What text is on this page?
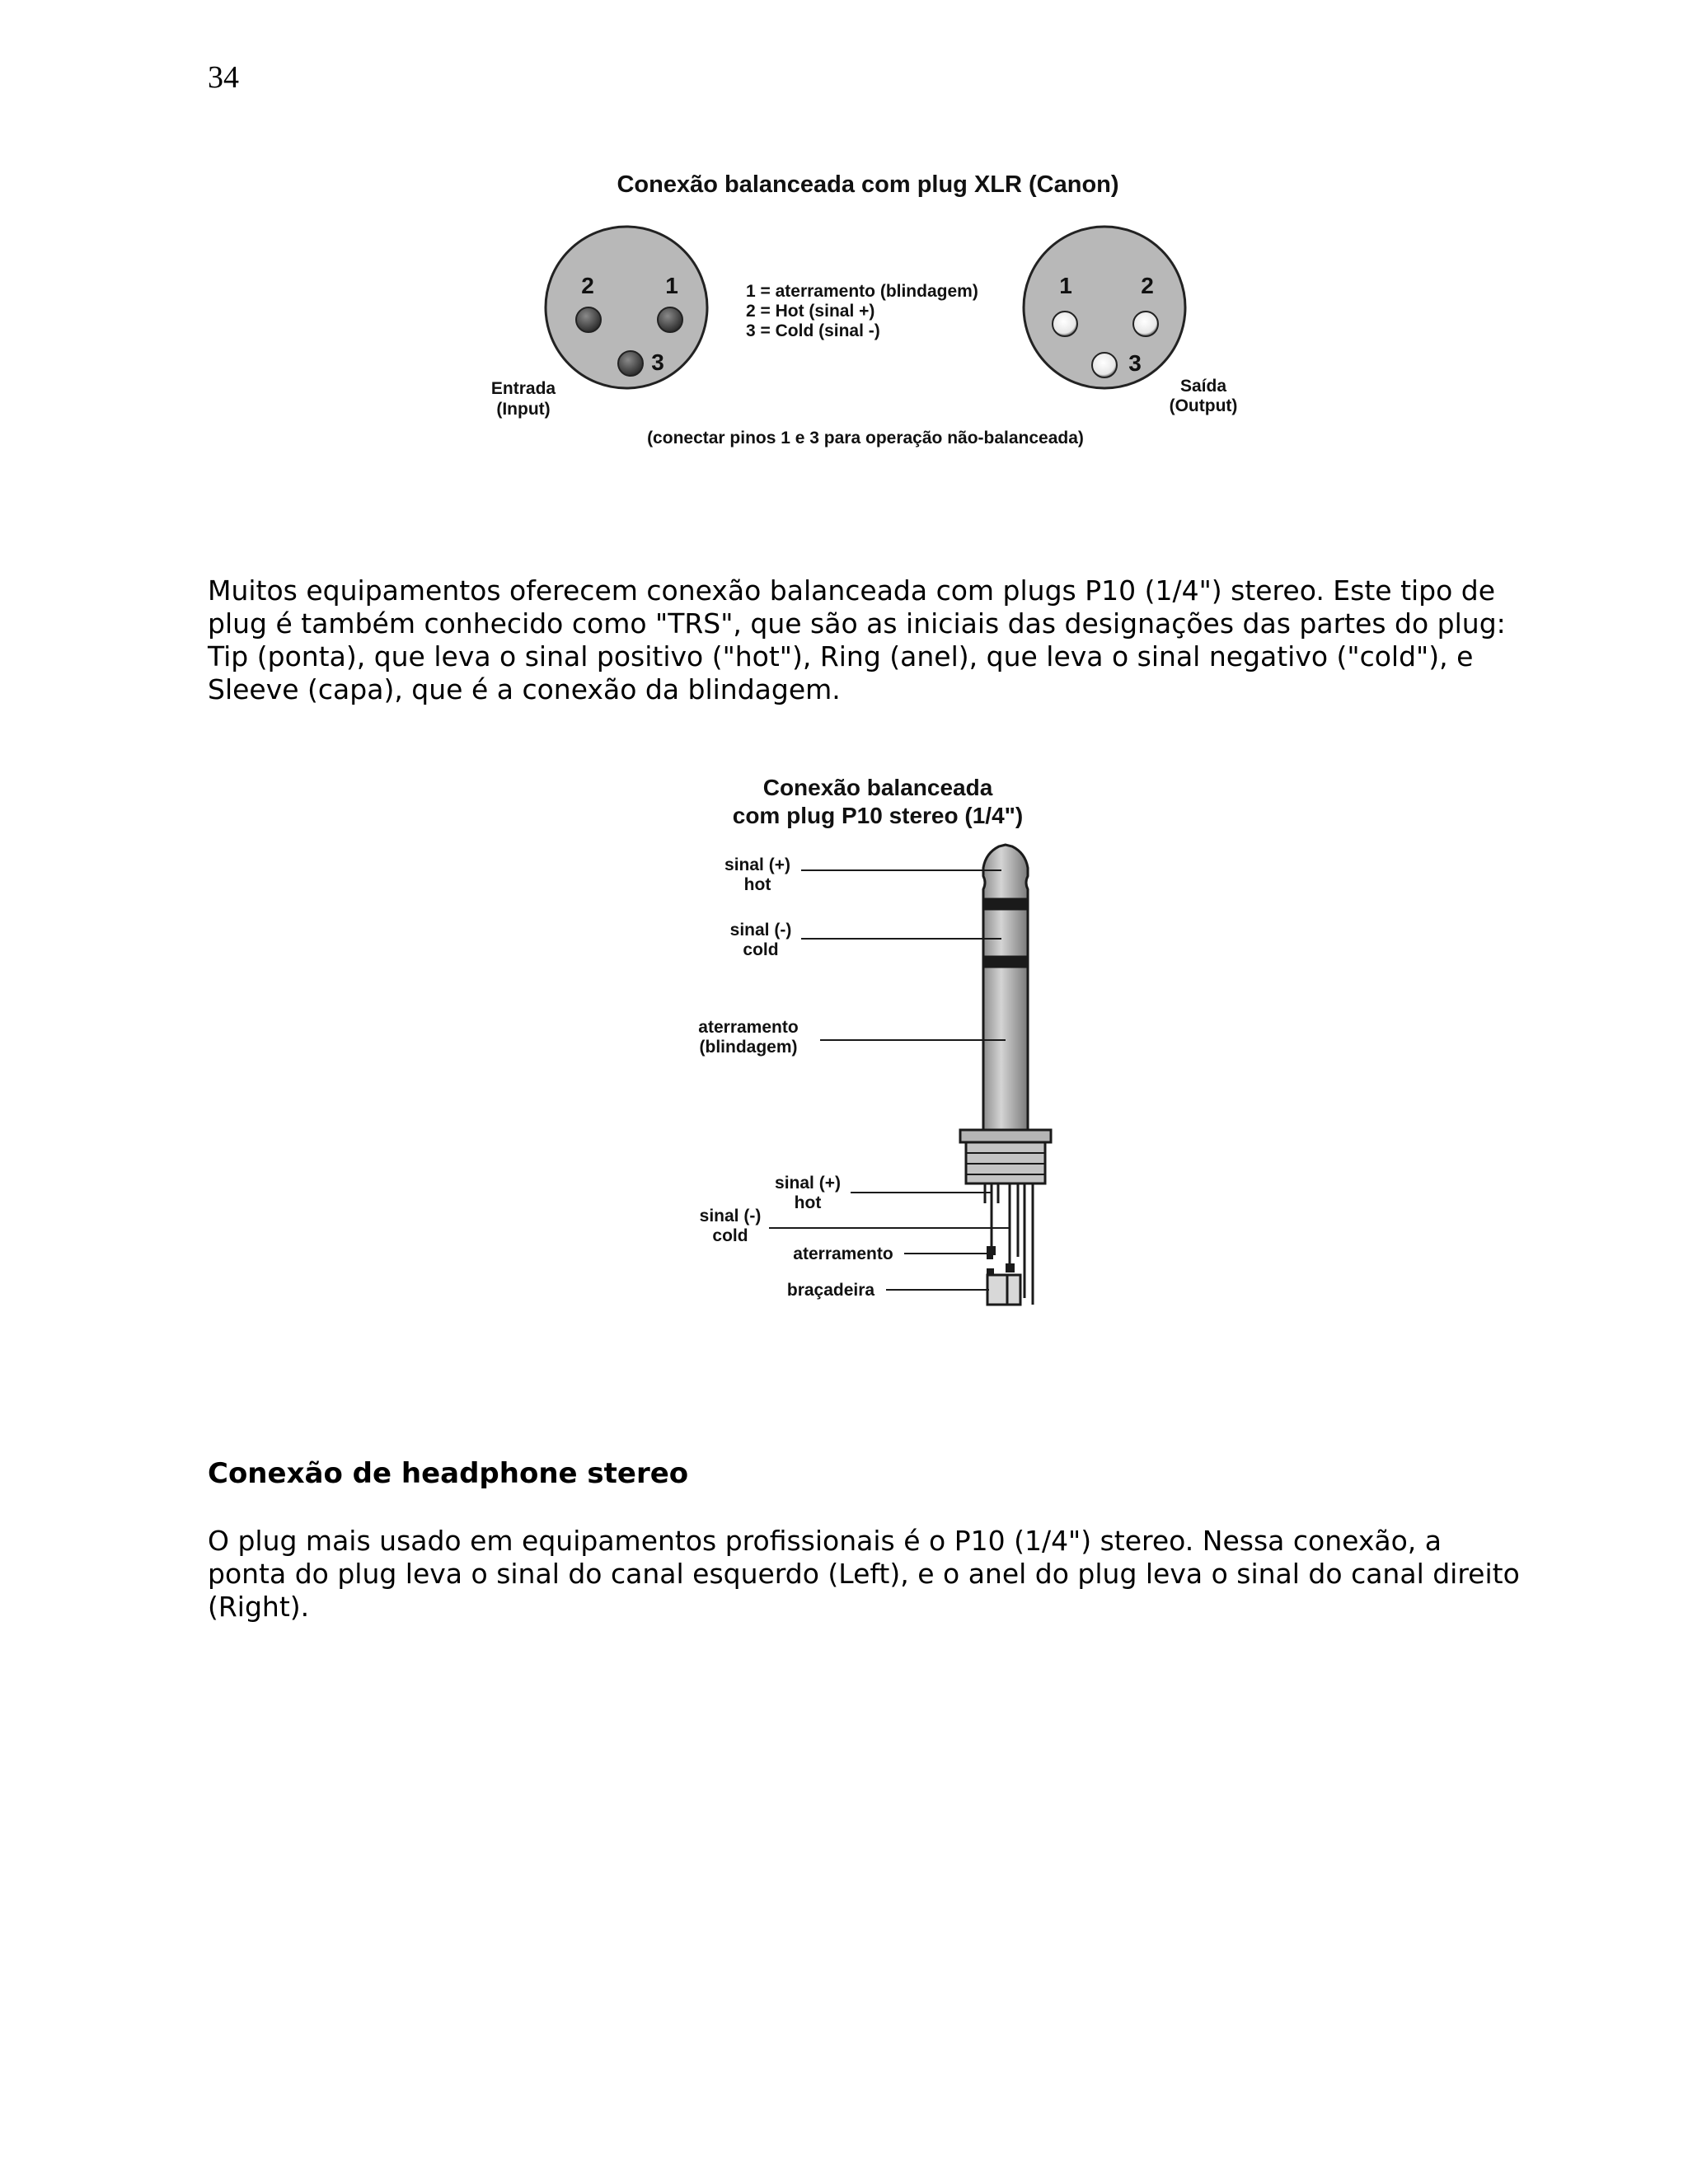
34
Conexão balanceada com plug XLR (Canon)
2	1
3
Entrada
(Input)
1 = aterramento (blindagem)
2 = Hot (sinal +)
3 = Cold (sinal -)
1	2
3
Saída
(Output)
(conectar pinos 1 e 3 para operação não-balanceada)

Muitos equipamentos oferecem conexão balanceada com plugs P10 (1/4") stereo. Este tipo de plug é também conhecido como "TRS", que são as iniciais das designações das partes do plug: Tip (ponta), que leva o sinal positivo ("hot"), Ring (anel), que leva o sinal negativo ("cold"), e Sleeve (capa), que é a conexão da blindagem.

Conexão balanceada
com plug P10 stereo (1/4")
sinal (+)
hot
sinal (-)
cold
aterramento
(blindagem)
sinal (+)
hot
sinal (-)
cold
aterramento
braçadeira
Conexão de headphone stereo

O plug mais usado em equipamentos profissionais é o P10 (1/4") stereo. Nessa conexão, a ponta do plug leva o sinal do canal esquerdo (Left), e o anel do plug leva o sinal do canal direito (Right).
